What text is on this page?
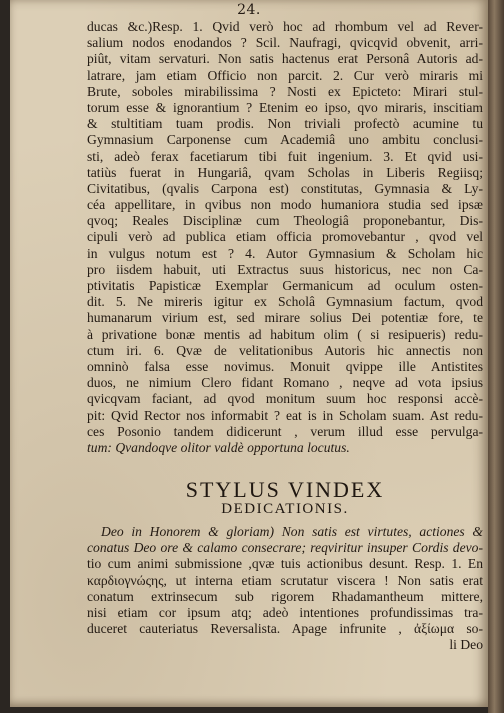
24.
ducas &c.)Resp. 1. Qvid verò hoc ad rhombum vel ad Rever-
salium nodos enodandos ? Scil. Naufragi, qvicqvid obvenit, arri-
piût, vitam servaturi. Non satis hactenus erat Personâ Autoris ad-
latrare, jam etiam Officio non parcit. 2. Cur verò miraris mi
Brute, soboles mirabilissima ? Nosti ex Epicteto: Mirari stul-
torum esse & ignorantium ? Etenim eo ipso, qvo miraris, inscitiam
& stultitiam tuam prodis. Non triviali profectò acumine tu
Gymnasium Carponense cum Academiâ uno ambitu conclusi-
sti, adeò ferax facetiarum tibi fuit ingenium. 3. Et qvid usi-
tatiùs fuerat in Hungariâ, qvam Scholas in Liberis Regiisq;
Civitatibus, (qvalis Carpona est) constitutas, Gymnasia & Ly-
céa appellitare, in qvibus non modo humaniora studia sed ipsæ
qvoq; Reales Disciplinæ cum Theologiâ proponebantur, Dis-
cipuli verò ad publica etiam officia promovebantur , qvod vel
in vulgus notum est ? 4. Autor Gymnasium & Scholam hic
pro iisdem habuit, uti Extractus suus historicus, nec non Ca-
ptivitatis Papisticæ Exemplar Germanicum ad oculum osten-
dit. 5. Ne mireris igitur ex Scholâ Gymnasium factum, qvod
humanarum virium est, sed mirare solius Dei potentiæ fore, te
à privatione bonæ mentis ad habitum olim ( si resipueris) redu-
ctum iri. 6. Qvæ de velitationibus Autoris hic annectis non
omninò falsa esse novimus. Monuit qvippe ille Antistites
duos, ne nimium Clero fidant Romano , neqve ad vota ipsius
qvicqvam faciant, ad qvod monitum suum hoc responsi accè-
pit: Qvid Rector nos informabit ? eat is in Scholam suam. Ast redu-
ces Posonio tandem didicerunt , verum illud esse pervulga-
tum: Qvandoqve olitor valdè opportuna locutus.
STYLUS VINDEX
DEDICATIONIS.
Deo in Honorem & gloriam) Non satis est virtutes, actiones &
conatus Deo ore & calamo consecrare; reqviritur insuper Cordis devo-
tio cum animi submissione ,qvæ tuis actionibus desunt. Resp. 1. En
καρδιογνώςης, ut interna etiam scrutatur viscera ! Non satis erat
conatum extrinsecum sub rigorem Rhadamantheum mittere,
nisi etiam cor ipsum atq; adeò intentiones profundissimas tra-
duceret cauteriatus Reversalista. Apage infrunite , ἀξίωμα so-
li Deo
